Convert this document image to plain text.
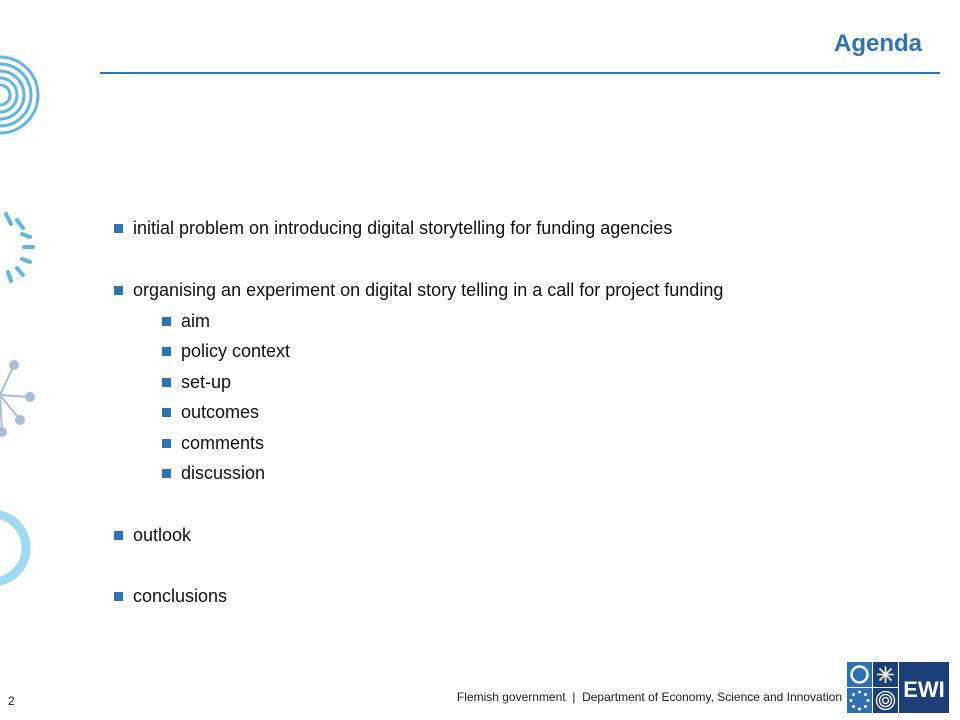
Agenda
initial problem on introducing digital storytelling for funding agencies
organising an experiment on digital story telling in a call for project funding
aim
policy context
set-up
outcomes
comments
discussion
outlook
conclusions
2	Flemish government  |  Department of Economy, Science and Innovation	EWI
